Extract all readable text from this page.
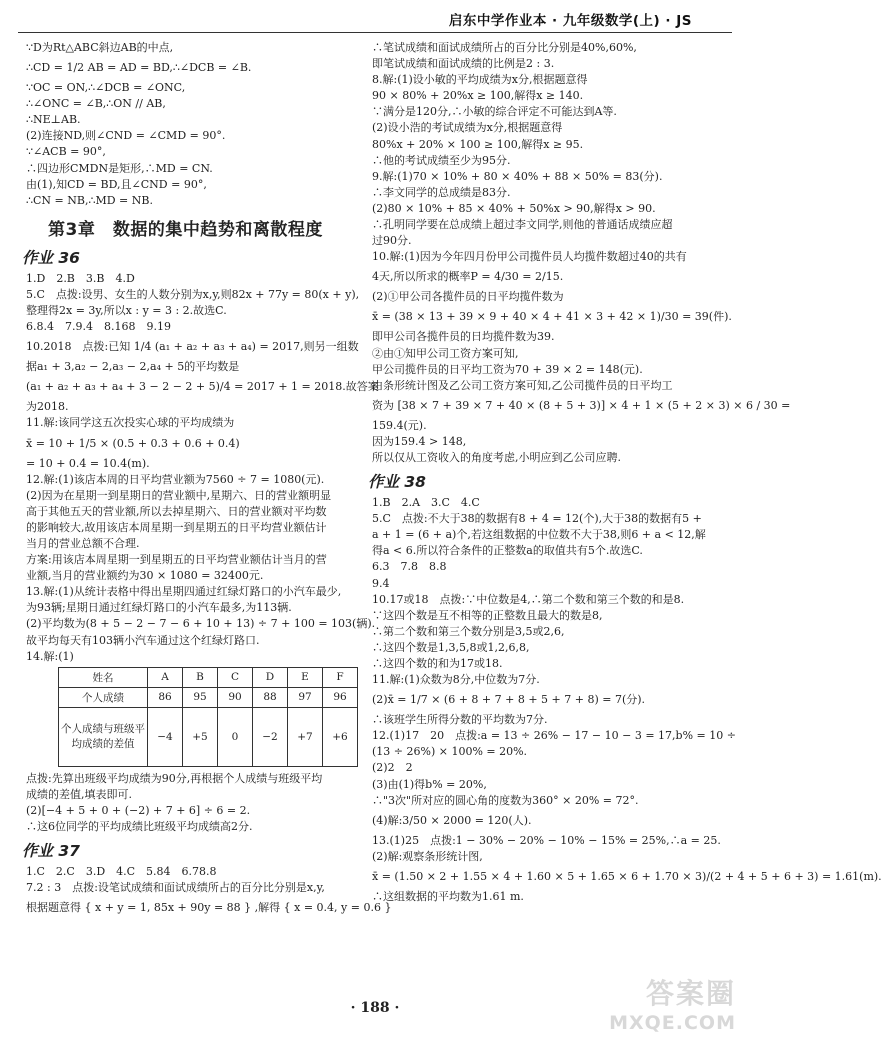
启东中学作业本 · 九年级数学(上) · JS
∵D为Rt△ABC斜边AB的中点,
∴CD = 1/2 AB = AD = BD,∴∠DCB = ∠B.
∵OC = ON,∴∠DCB = ∠ONC,
∴∠ONC = ∠B,∴ON // AB,
∴NE⊥AB.
(2)连接ND,则∠CND = ∠CMD = 90°.
∵∠ACB = 90°,
∴四边形CMDN是矩形,∴MD = CN.
由(1),知CD = BD,且∠CND = 90°,
∴CN = NB,∴MD = NB.
第3章　数据的集中趋势和离散程度
作业 36
1.D　2.B　3.B　4.D
5.C　点拨:设男、女生的人数分别为x,y,则82x + 77y = 80(x + y),
整理得2x = 3y,所以x : y = 3 : 2.故选C.
6.8.4　7.9.4　8.168　9.19
10.2018　点拨:已知 1/4 (a₁ + a₂ + a₃ + a₄) = 2017,则另一组数
据a₁ + 3,a₂ − 2,a₃ − 2,a₄ + 5的平均数是
(a₁ + a₂ + a₃ + a₄ + 3 − 2 − 2 + 5)/4 = 2017 + 1 = 2018.故答案
为2018.
11.解:该同学这五次投实心球的平均成绩为
x̄ = 10 + 1/5 × (0.5 + 0.3 + 0.6 + 0.4)
= 10 + 0.4 = 10.4(m).
12.解:(1)该店本周的日平均营业额为7560 ÷ 7 = 1080(元).
(2)因为在星期一到星期日的营业额中,星期六、日的营业额明显
高于其他五天的营业额,所以去掉星期六、日的营业额对平均数
的影响较大,故用该店本周星期一到星期五的日平均营业额估计
当月的营业总额不合理.
方案:用该店本周星期一到星期五的日平均营业额估计当月的营
业额,当月的营业额约为30 × 1080 = 32400元.
13.解:(1)从统计表格中得出星期四通过红绿灯路口的小汽车最少,
为93辆;星期日通过红绿灯路口的小汽车最多,为113辆.
(2)平均数为(8 + 5 − 2 − 7 − 6 + 10 + 13) ÷ 7 + 100 = 103(辆).
故平均每天有103辆小汽车通过这个红绿灯路口.
14.解:(1)
姓名	A	B	C	D	E	F
个人成绩	86	95	90	88	97	96
个人成绩与班级平均成绩的差值	−4	+5	0	−2	+7	+6
点拨:先算出班级平均成绩为90分,再根据个人成绩与班级平均
成绩的差值,填表即可.
(2)[−4 + 5 + 0 + (−2) + 7 + 6] ÷ 6 = 2.
∴这6位同学的平均成绩比班级平均成绩高2分.
作业 37
1.C　2.C　3.D　4.C　5.84　6.78.8
7.2 : 3　点拨:设笔试成绩和面试成绩所占的百分比分别是x,y,
根据题意得 { x + y = 1, 85x + 90y = 88 } ,解得 { x = 0.4, y = 0.6 }
∴笔试成绩和面试成绩所占的百分比分别是40%,60%,
即笔试成绩和面试成绩的比例是2 : 3.
8.解:(1)设小敏的平均成绩为x分,根据题意得
90 × 80% + 20%x ≥ 100,解得x ≥ 140.
∵满分是120分,∴小敏的综合评定不可能达到A等.
(2)设小浩的考试成绩为x分,根据题意得
80%x + 20% × 100 ≥ 100,解得x ≥ 95.
∴他的考试成绩至少为95分.
9.解:(1)70 × 10% + 80 × 40% + 88 × 50% = 83(分).
∴李文同学的总成绩是83分.
(2)80 × 10% + 85 × 40% + 50%x > 90,解得x > 90.
∴孔明同学要在总成绩上超过李文同学,则他的普通话成绩应超
过90分.
10.解:(1)因为今年四月份甲公司揽件员人均揽件数超过40的共有
4天,所以所求的概率P = 4/30 = 2/15.
(2)①甲公司各揽件员的日平均揽件数为
x̄ = (38 × 13 + 39 × 9 + 40 × 4 + 41 × 3 + 42 × 1)/30 = 39(件).
即甲公司各揽件员的日均揽件数为39.
②由①知甲公司工资方案可知,
甲公司揽件员的日平均工资为70 + 39 × 2 = 148(元).
由条形统计图及乙公司工资方案可知,乙公司揽件员的日平均工
资为 [38 × 7 + 39 × 7 + 40 × (8 + 5 + 3)] × 4 + 1 × (5 + 2 × 3) × 6 / 30 =
159.4(元).
因为159.4 > 148,
所以仅从工资收入的角度考虑,小明应到乙公司应聘.
作业 38
1.B　2.A　3.C　4.C
5.C　点拨:不大于38的数据有8 + 4 = 12(个),大于38的数据有5 +
a + 1 = (6 + a)个,若这组数据的中位数不大于38,则6 + a < 12,解
得a < 6.所以符合条件的正整数a的取值共有5个.故选C.
6.3　7.8　8.8
9.4
10.17或18　点拨:∵中位数是4,∴第二个数和第三个数的和是8.
∵这四个数是互不相等的正整数且最大的数是8,
∴第二个数和第三个数分别是3,5或2,6,
∴这四个数是1,3,5,8或1,2,6,8,
∴这四个数的和为17或18.
11.解:(1)众数为8分,中位数为7分.
(2)x̄ = 1/7 × (6 + 8 + 7 + 8 + 5 + 7 + 8) = 7(分).
∴该班学生所得分数的平均数为7分.
12.(1)17　20　点拨:a = 13 ÷ 26% − 17 − 10 − 3 = 17,b% = 10 ÷
(13 ÷ 26%) × 100% = 20%.
(2)2　2
(3)由(1)得b% = 20%,
∴"3次"所对应的圆心角的度数为360° × 20% = 72°.
(4)解:3/50 × 2000 = 120(人).
13.(1)25　点拨:1 − 30% − 20% − 10% − 15% = 25%,∴a = 25.
(2)解:观察条形统计图,
x̄ = (1.50 × 2 + 1.55 × 4 + 1.60 × 5 + 1.65 × 6 + 1.70 × 3)/(2 + 4 + 5 + 6 + 3) = 1.61(m).
∴这组数据的平均数为1.61 m.
· 188 ·	答案圈
MXQE.COM
